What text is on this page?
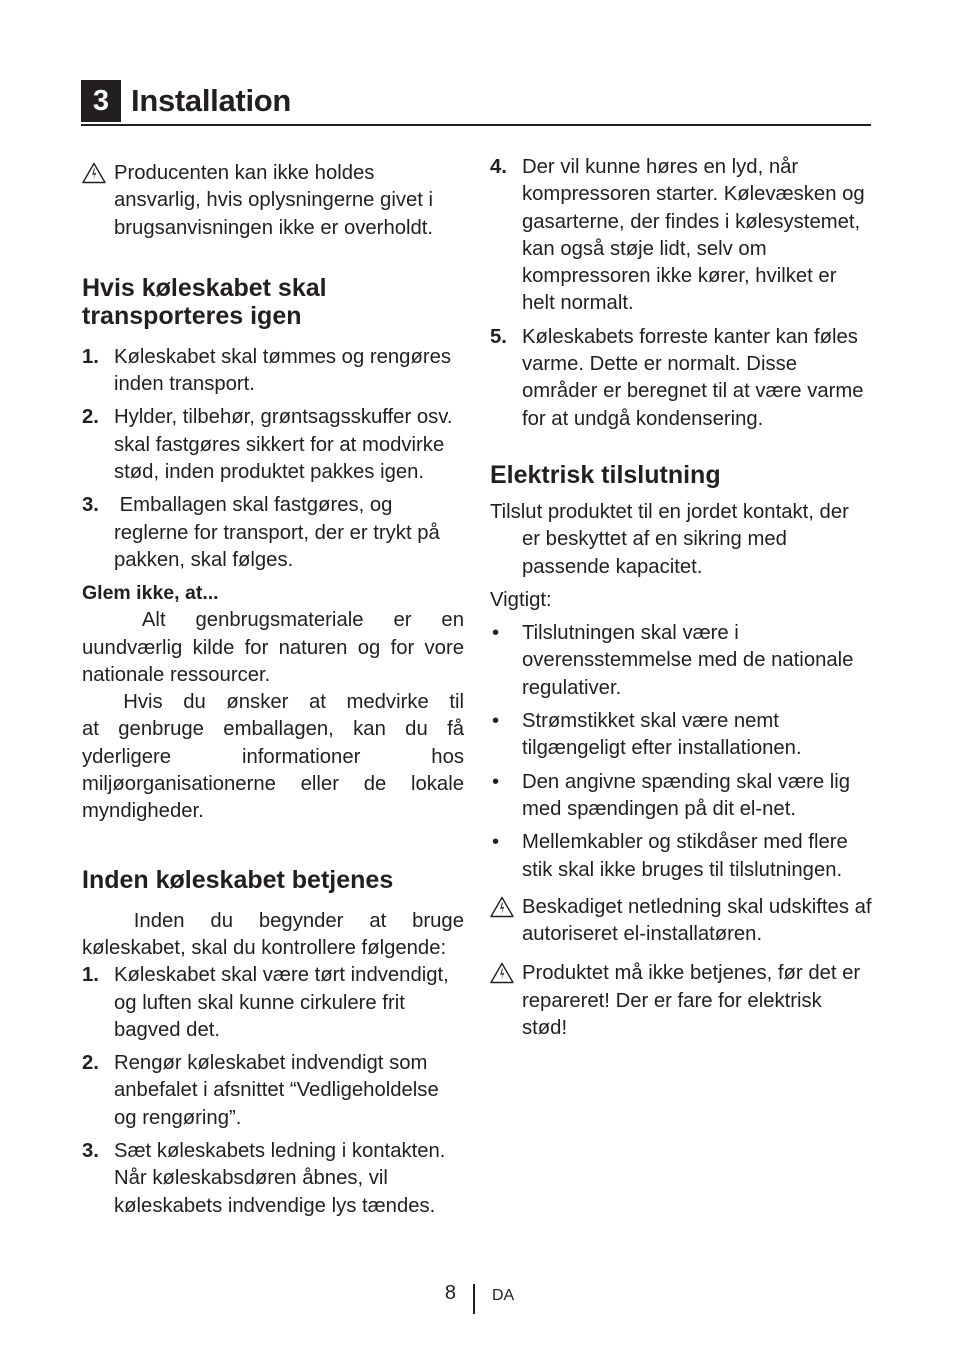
3 Installation

Producenten kan ikke holdes ansvarlig, hvis oplysningerne givet i brugsanvisningen ikke er overholdt.

Hvis køleskabet skal
transporteres igen
1. Køleskabet skal tømmes og rengøres inden transport.
2. Hylder, tilbehør, grøntsagsskuffer osv. skal fastgøres sikkert for at modvirke stød, inden produktet pakkes igen.
3. Emballagen skal fastgøres, og reglerne for transport, der er trykt på pakken, skal følges.
Glem ikke, at...

Alt genbrugsmateriale er en

uundværlig kilde for naturen og for vore nationale ressourcer.

Hvis du ønsker at medvirke til

at genbruge emballagen, kan du få yderligere informationer hos miljøorganisationerne eller de lokale myndigheder.

Inden køleskabet betjenes

Inden du begynder at bruge

køleskabet, skal du kontrollere følgende:

1. Køleskabet skal være tørt indvendigt, og luften skal kunne cirkulere frit bagved det.
2. Rengør køleskabet indvendigt som anbefalet i afsnittet “Vedligeholdelse og rengøring”.
3. Sæt køleskabets ledning i kontakten. Når køleskabsdøren åbnes, vil køleskabets indvendige lys tændes.
4. Der vil kunne høres en lyd, når kompressoren starter. Kølevæsken og gasarterne, der findes i kølesystemet, kan også støje lidt, selv om kompressoren ikke kører, hvilket er helt normalt.
5. Køleskabets forreste kanter kan føles varme. Dette er normalt. Disse områder er beregnet til at være varme for at undgå kondensering.
Elektrisk tilslutning

Tilslut produktet til en jordet kontakt, der er beskyttet af en sikring med passende kapacitet.

Vigtigt:

• Tilslutningen skal være i overensstemmelse med de nationale regulativer.
• Strømstikket skal være nemt tilgængeligt efter installationen.
• Den angivne spænding skal være lig med spændingen på dit el-net.
• Mellemkabler og stikdåser med flere stik skal ikke bruges til tilslutningen.

Beskadiget netledning skal udskiftes af autoriseret el-installatøren.

Produktet må ikke betjenes, før det er repareret! Der er fare for elektrisk stød!

8 DA
